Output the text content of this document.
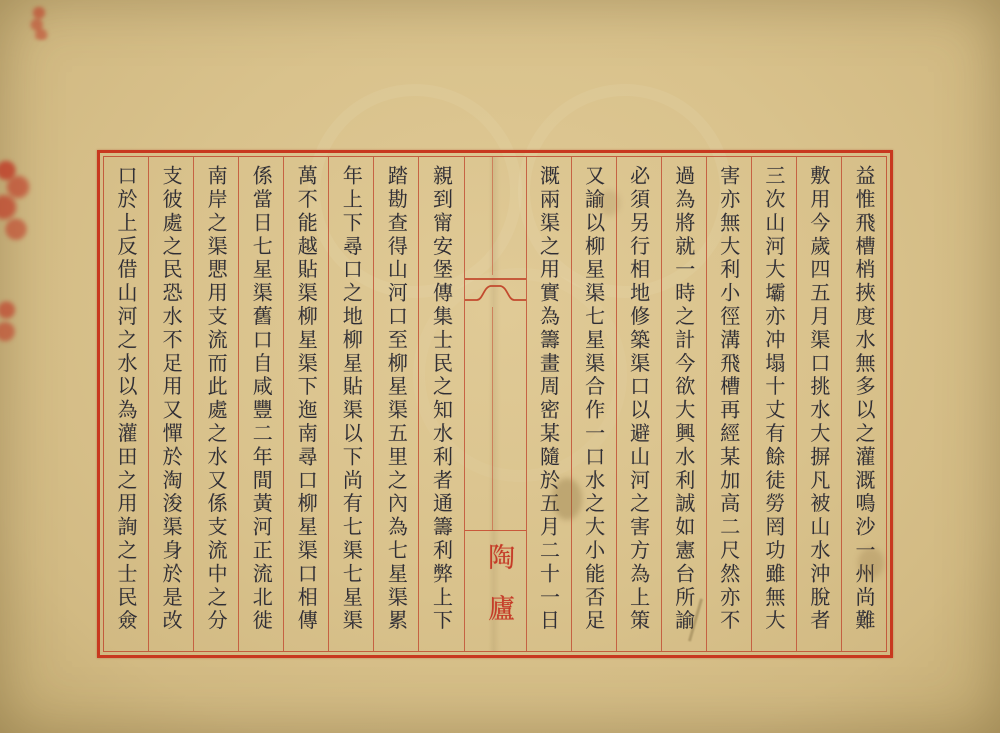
益惟飛槽梢挾度水無多以之灌溉鳴沙一州尚難
敷用今歲四五月渠口挑水大摒凡被山水沖脫者
三次山河大壩亦冲塌十丈有餘徒勞罔功雖無大
害亦無大利小徑溝飛槽再經某加高二尺然亦不
過為將就一時之計今欲大興水利誠如憲台所諭
必須另行相地修築渠口以避山河之害方為上策
又諭以柳星渠七星渠合作一口水之大小能否足
溉兩渠之用實為籌畫周密某隨於五月二十一日
陶廬
親到甯安堡傳集士民之知水利者通籌利弊上下
踏勘查得山河口至柳星渠五里之內為七星渠累
年上下尋口之地柳星貼渠以下尚有七渠七星渠
萬不能越貼渠柳星渠下迤南尋口柳星渠口相傳
係當日七星渠舊口自咸豐二年間黃河正流北徙
南岸之渠愳用支流而此處之水又係支流中之分
支彼處之民恐水不足用又憚於淘浚渠身於是改
口於上反借山河之水以為灌田之用詢之士民僉
